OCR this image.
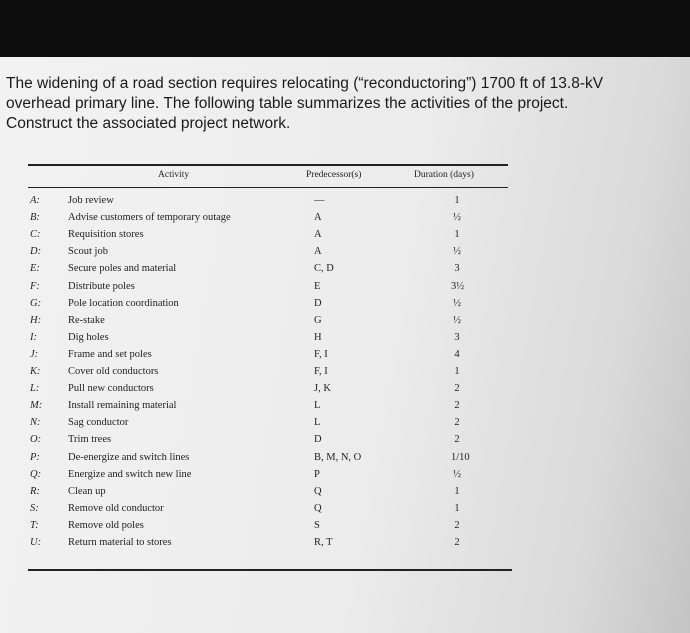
The widening of a road section requires relocating (“reconductoring”) 1700 ft of 13.8-kV
overhead primary line. The following table summarizes the activities of the project.
Construct the associated project network.
Activity	Predecessor(s)	Duration (days)
A:	Job review	—	1
B:	Advise customers of temporary outage	A	½
C:	Requisition stores	A	1
D:	Scout job	A	½
E:	Secure poles and material	C, D	3
F:	Distribute poles	E	3½
G:	Pole location coordination	D	½
H:	Re-stake	G	½
I:	Dig holes	H	3
J:	Frame and set poles	F, I	4
K:	Cover old conductors	F, I	1
L:	Pull new conductors	J, K	2
M: Install remaining material	L	2
N:	Sag conductor	L	2
O:	Trim trees	D	2
P:	De-energize and switch lines	B, M, N, O	1/10
Q:	Energize and switch new line	P	½
R:	Clean up	Q	1
S:	Remove old conductor	Q	1
T:	Remove old poles	S	2
U:	Return material to stores	R, T	2
